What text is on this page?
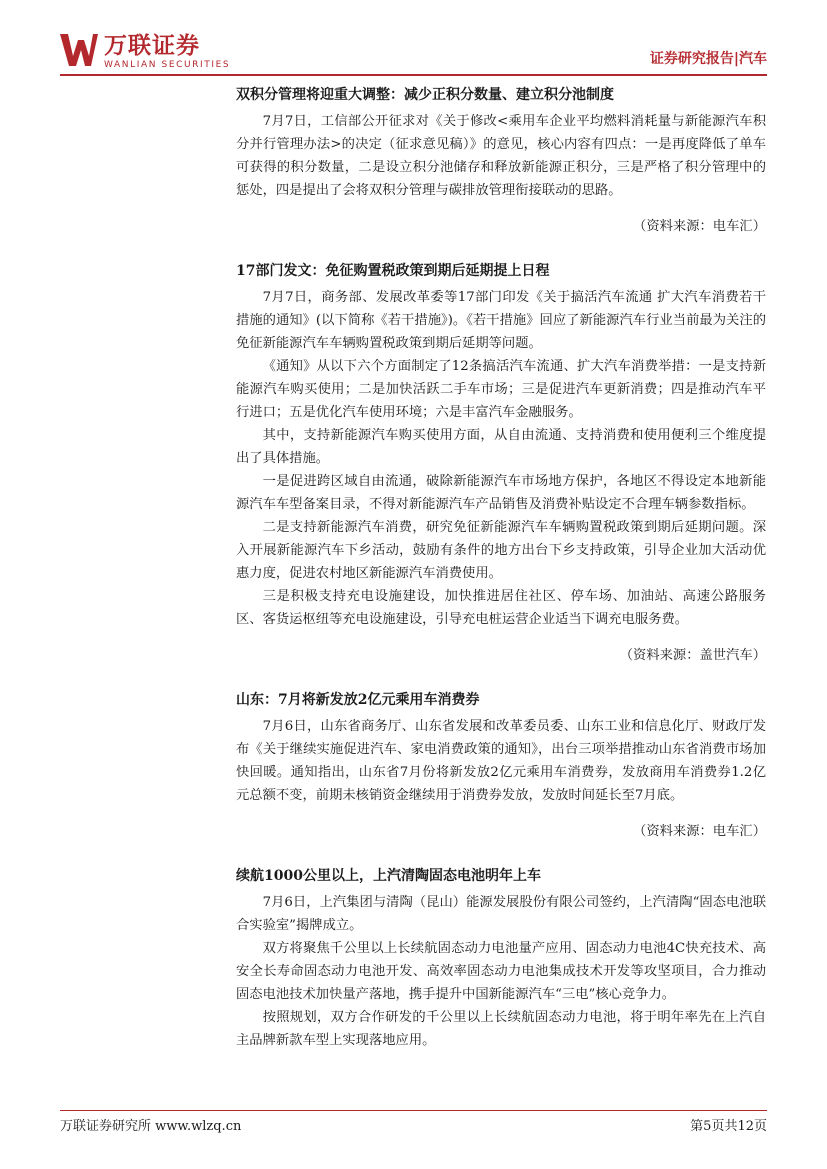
万联证券
WANLIAN SECURITIES	证券研究报告|汽车

双积分管理将迎重大调整：减少正积分数量、建立积分池制度

7月7日，工信部公开征求对《关于修改<乘用车企业平均燃料消耗量与新能源汽车积分并行管理办法>的决定（征求意见稿）》的意见，核心内容有四点：一是再度降低了单车可获得的积分数量，二是设立积分池储存和释放新能源正积分，三是严格了积分管理中的惩处，四是提出了会将双积分管理与碳排放管理衔接联动的思路。

（资料来源：电车汇）

17部门发文：免征购置税政策到期后延期提上日程

7月7日，商务部、发展改革委等17部门印发《关于搞活汽车流通 扩大汽车消费若干措施的通知》(以下简称《若干措施》)。《若干措施》回应了新能源汽车行业当前最为关注的免征新能源汽车车辆购置税政策到期后延期等问题。

《通知》从以下六个方面制定了12条搞活汽车流通、扩大汽车消费举措：一是支持新能源汽车购买使用；二是加快活跃二手车市场；三是促进汽车更新消费；四是推动汽车平行进口；五是优化汽车使用环境；六是丰富汽车金融服务。

其中，支持新能源汽车购买使用方面，从自由流通、支持消费和使用便利三个维度提出了具体措施。

一是促进跨区域自由流通，破除新能源汽车市场地方保护，各地区不得设定本地新能源汽车车型备案目录，不得对新能源汽车产品销售及消费补贴设定不合理车辆参数指标。

二是支持新能源汽车消费，研究免征新能源汽车车辆购置税政策到期后延期问题。深入开展新能源汽车下乡活动，鼓励有条件的地方出台下乡支持政策，引导企业加大活动优惠力度，促进农村地区新能源汽车消费使用。

三是积极支持充电设施建设，加快推进居住社区、停车场、加油站、高速公路服务区、客货运枢纽等充电设施建设，引导充电桩运营企业适当下调充电服务费。

（资料来源：盖世汽车）

山东：7月将新发放2亿元乘用车消费券

7月6日，山东省商务厅、山东省发展和改革委员委、山东工业和信息化厅、财政厅发布《关于继续实施促进汽车、家电消费政策的通知》，出台三项举措推动山东省消费市场加快回暖。通知指出，山东省7月份将新发放2亿元乘用车消费券，发放商用车消费券1.2亿元总额不变，前期未核销资金继续用于消费券发放，发放时间延长至7月底。

（资料来源：电车汇）

续航1000公里以上，上汽清陶固态电池明年上车

7月6日，上汽集团与清陶（昆山）能源发展股份有限公司签约，上汽清陶“固态电池联合实验室”揭牌成立。

双方将聚焦千公里以上长续航固态动力电池量产应用、固态动力电池4C快充技术、高安全长寿命固态动力电池开发、高效率固态动力电池集成技术开发等攻坚项目，合力推动固态电池技术加快量产落地，携手提升中国新能源汽车“三电”核心竞争力。

按照规划，双方合作研发的千公里以上长续航固态动力电池，将于明年率先在上汽自主品牌新款车型上实现落地应用。

万联证券研究所 www.wlzq.cn	第5页共12页
